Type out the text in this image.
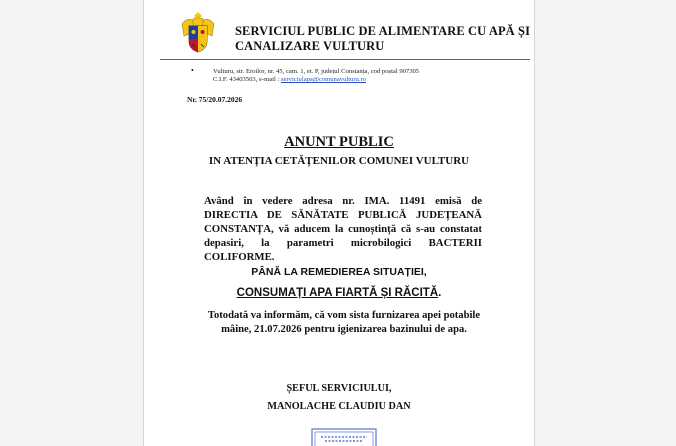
SERVICIUL PUBLIC DE ALIMENTARE CU APĂ ȘI
CANALIZARE VULTURU
•	Vulturu, str. Eroilor, nr. 45, cam. 1, et. P, județul Constanța, cod poștal 907305
C.I.F. 43403503, e-mail : serviciulapa@comunavulturu.ro
Nr. 75/20.07.2026
ANUNT PUBLIC
IN ATENȚIA CETĂȚENILOR COMUNEI VULTURU
Având în vedere adresa nr. IMA. 11491 emisă de DIRECTIA DE SĂNĂTATE PUBLICĂ JUDEȚEANĂ CONSTANȚA, vă aducem la cunoștință că s-au constatat depasiri, la parametri microbilogici BACTERII COLIFORME.
PÂNĂ LA REMEDIEREA SITUAȚIEI,
CONSUMAȚI APA FIARTĂ ȘI RĂCITĂ.
Totodată va informăm, că vom sista furnizarea apei potabile mâine, 21.07.2026 pentru igienizarea bazinului de apa.
ȘEFUL SERVICIULUI,
MANOLACHE CLAUDIU DAN
